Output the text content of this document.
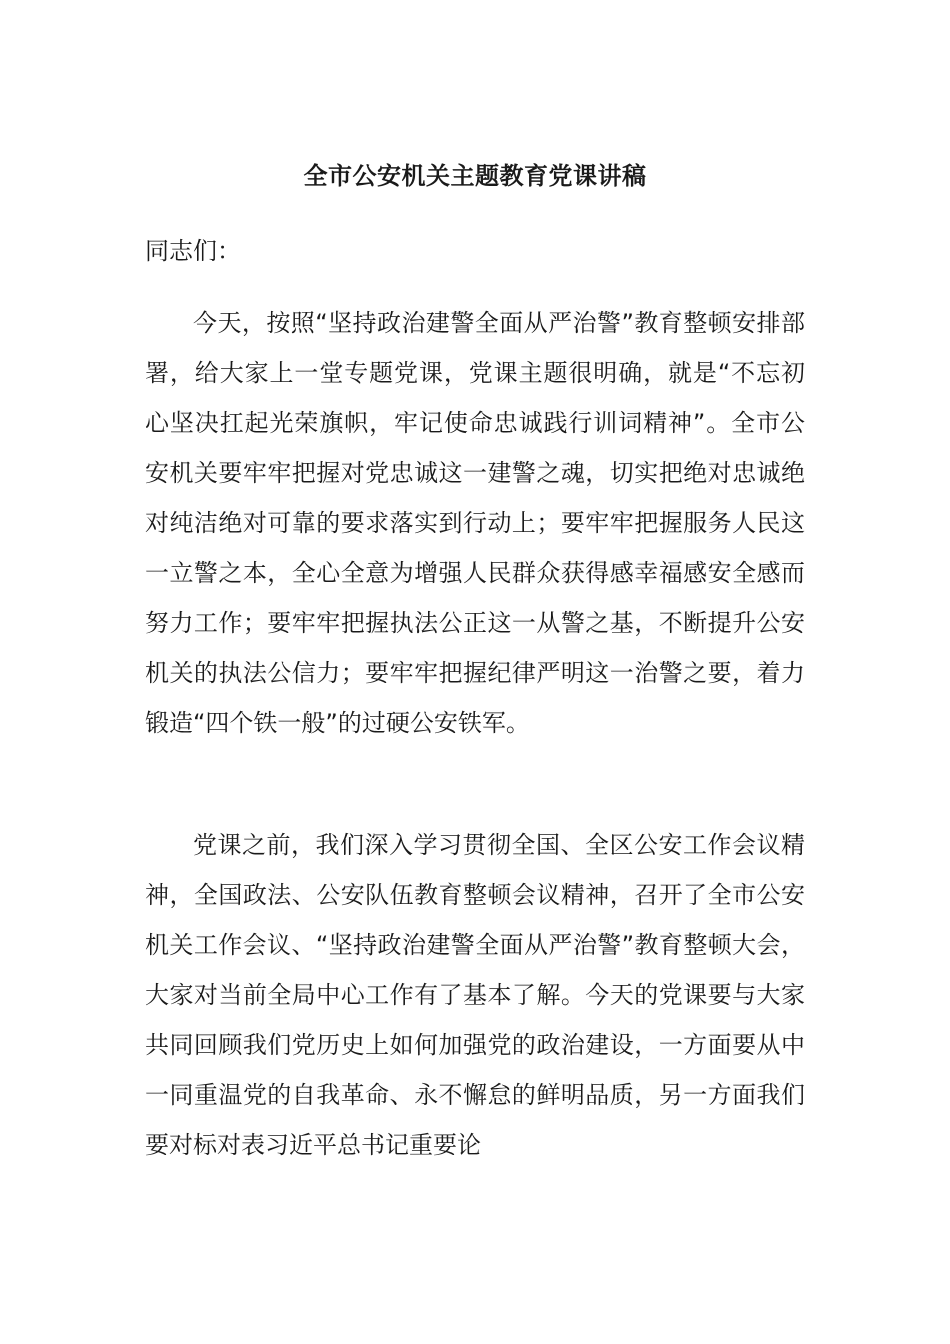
全市公安机关主题教育党课讲稿

同志们：

今天，按照“坚持政治建警全面从严治警”教育整顿安排部署，给大家上一堂专题党课，党课主题很明确，就是“不忘初心坚决扛起光荣旗帜，牢记使命忠诚践行训词精神”。全市公安机关要牢牢把握对党忠诚这一建警之魂，切实把绝对忠诚绝对纯洁绝对可靠的要求落实到行动上；要牢牢把握服务人民这一立警之本，全心全意为增强人民群众获得感幸福感安全感而努力工作；要牢牢把握执法公正这一从警之基，不断提升公安机关的执法公信力；要牢牢把握纪律严明这一治警之要，着力锻造“四个铁一般”的过硬公安铁军。

党课之前，我们深入学习贯彻全国、全区公安工作会议精神，全国政法、公安队伍教育整顿会议精神，召开了全市公安机关工作会议、“坚持政治建警全面从严治警”教育整顿大会，大家对当前全局中心工作有了基本了解。今天的党课要与大家共同回顾我们党历史上如何加强党的政治建设，一方面要从中一同重温党的自我革命、永不懈怠的鲜明品质，另一方面我们要对标对表习近平总书记重要论
